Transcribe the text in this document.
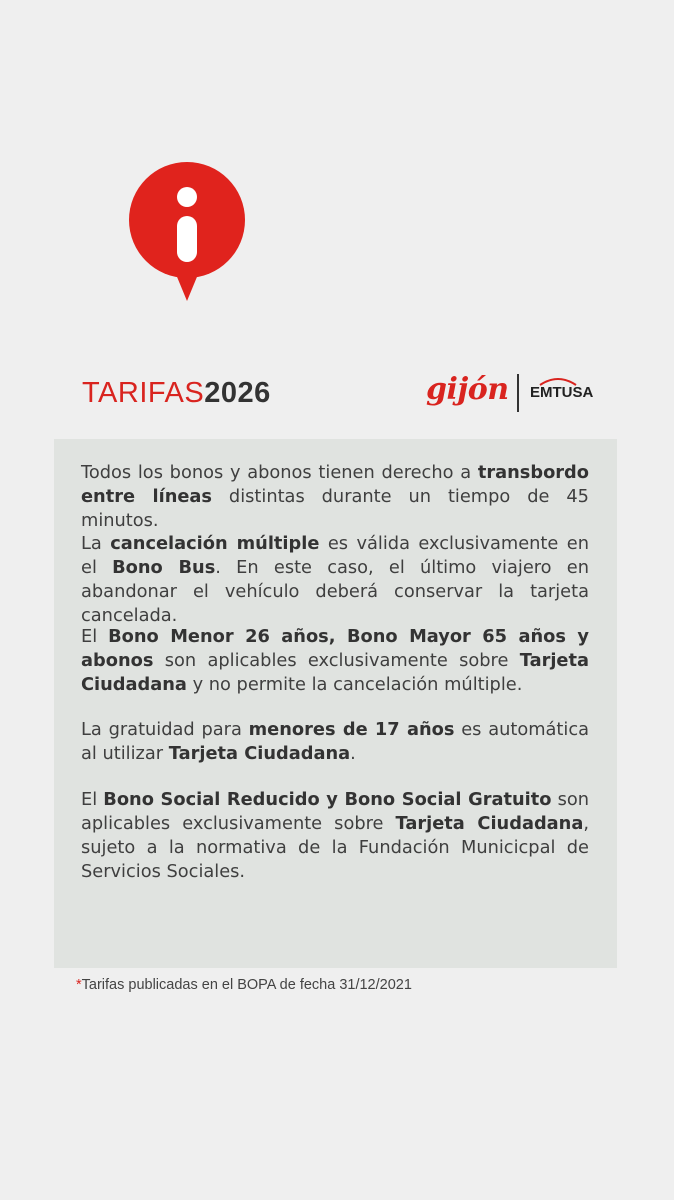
TARIFAS2026	gijón EMTUSA

Todos los bonos y abonos tienen derecho a transbordo entre líneas distintas durante un tiempo de 45 minutos.

La cancelación múltiple es válida exclusivamente en el Bono Bus. En este caso, el último viajero en abandonar el vehículo deberá conservar la tarjeta cancelada.

El Bono Menor 26 años, Bono Mayor 65 años y abonos son aplicables exclusivamente sobre Tarjeta Ciudadana y no permite la cancelación múltiple.

La gratuidad para menores de 17 años es automática al utilizar Tarjeta Ciudadana.

El Bono Social Reducido y Bono Social Gratuito son aplicables exclusivamente sobre Tarjeta Ciudadana, sujeto a la normativa de la Fundación Municicpal de Servicios Sociales.

*Tarifas publicadas en el BOPA de fecha 31/12/2021
